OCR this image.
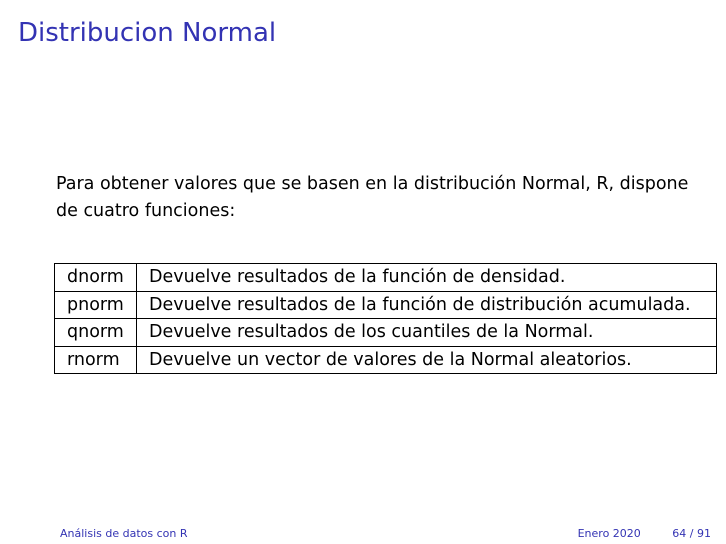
Distribucion Normal

Para obtener valores que se basen en la distribución Normal, R, dispone de cuatro funciones:

dnorm	Devuelve resultados de la función de densidad.
pnorm	Devuelve resultados de la función de distribución acumulada.
qnorm	Devuelve resultados de los cuantiles de la Normal.
rnorm	Devuelve un vector de valores de la Normal aleatorios.
Análisis de datos con R	Enero 2020	64 / 91
